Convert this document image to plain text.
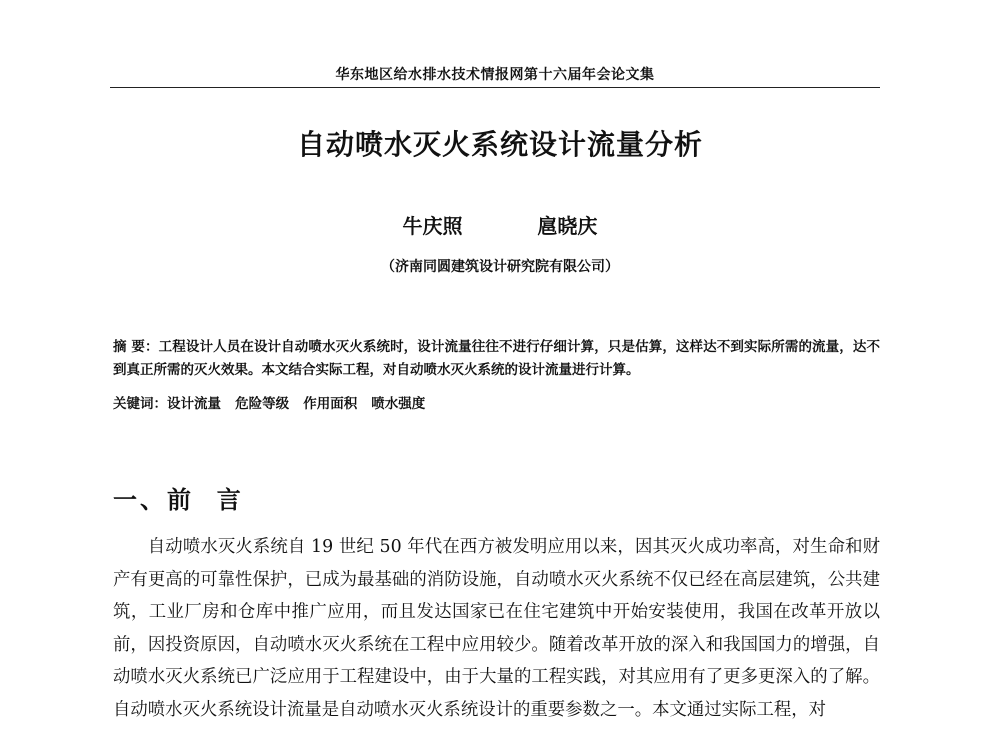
华东地区给水排水技术情报网第十六届年会论文集
自动喷水灭火系统设计流量分析
牛庆照   扈晓庆
（济南同圆建筑设计研究院有限公司）
摘 要：工程设计人员在设计自动喷水灭火系统时，设计流量往往不进行仔细计算，只是估算，这样达不到实际所需的流量，达不到真正所需的灭火效果。本文结合实际工程，对自动喷水灭火系统的设计流量进行计算。
关键词：设计流量   危险等级   作用面积   喷水强度
一、前  言
自动喷水灭火系统自 19 世纪 50 年代在西方被发明应用以来，因其灭火成功率高，对生命和财产有更高的可靠性保护，已成为最基础的消防设施，自动喷水灭火系统不仅已经在高层建筑，公共建筑，工业厂房和仓库中推广应用，而且发达国家已在住宅建筑中开始安装使用，我国在改革开放以前，因投资原因，自动喷水灭火系统在工程中应用较少。随着改革开放的深入和我国国力的增强，自动喷水灭火系统已广泛应用于工程建设中，由于大量的工程实践，对其应用有了更多更深入的了解。自动喷水灭火系统设计流量是自动喷水灭火系统设计的重要参数之一。本文通过实际工程，对
